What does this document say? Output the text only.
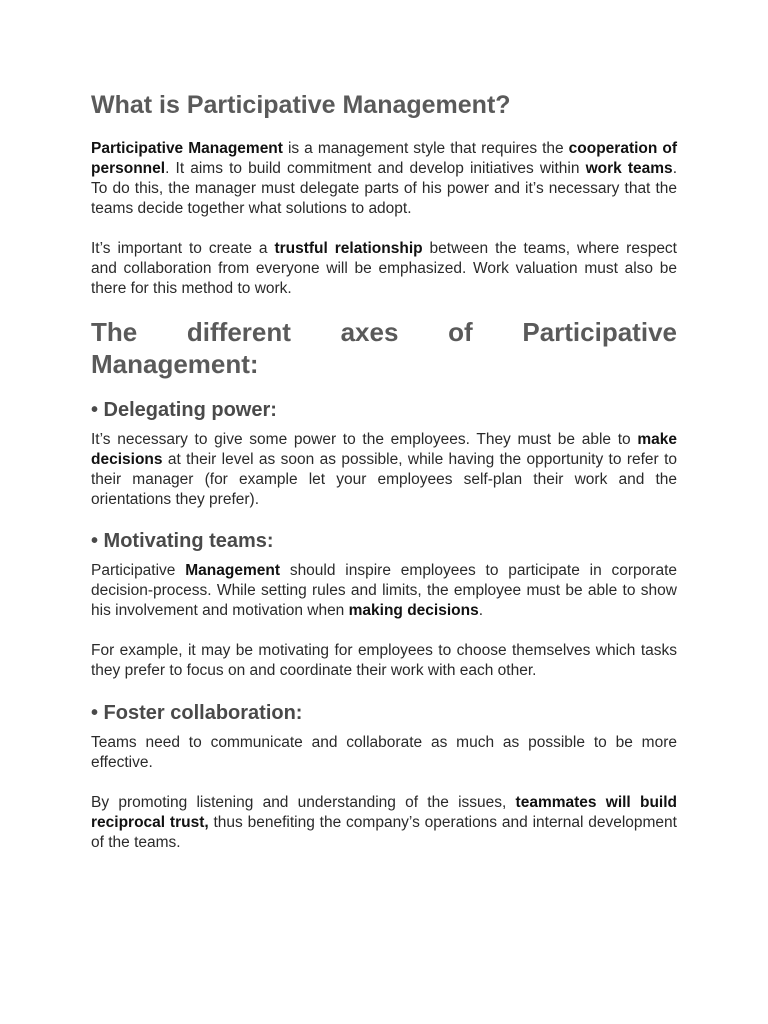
What is Participative Management?

Participative Management is a management style that requires the cooperation of personnel. It aims to build commitment and develop initiatives within work teams. To do this, the manager must delegate parts of his power and it’s necessary that the teams decide together what solutions to adopt.

It’s important to create a trustful relationship between the teams, where respect and collaboration from everyone will be emphasized. Work valuation must also be there for this method to work.

The different axes of Participative Management:
• Delegating power:

It’s necessary to give some power to the employees. They must be able to make decisions at their level as soon as possible, while having the opportunity to refer to their manager (for example let your employees self-plan their work and the orientations they prefer).

• Motivating teams:

Participative Management should inspire employees to participate in corporate decision-process. While setting rules and limits, the employee must be able to show his involvement and motivation when making decisions.

For example, it may be motivating for employees to choose themselves which tasks they prefer to focus on and coordinate their work with each other.

• Foster collaboration:

Teams need to communicate and collaborate as much as possible to be more effective.

By promoting listening and understanding of the issues, teammates will build reciprocal trust, thus benefiting the company’s operations and internal development of the teams.
